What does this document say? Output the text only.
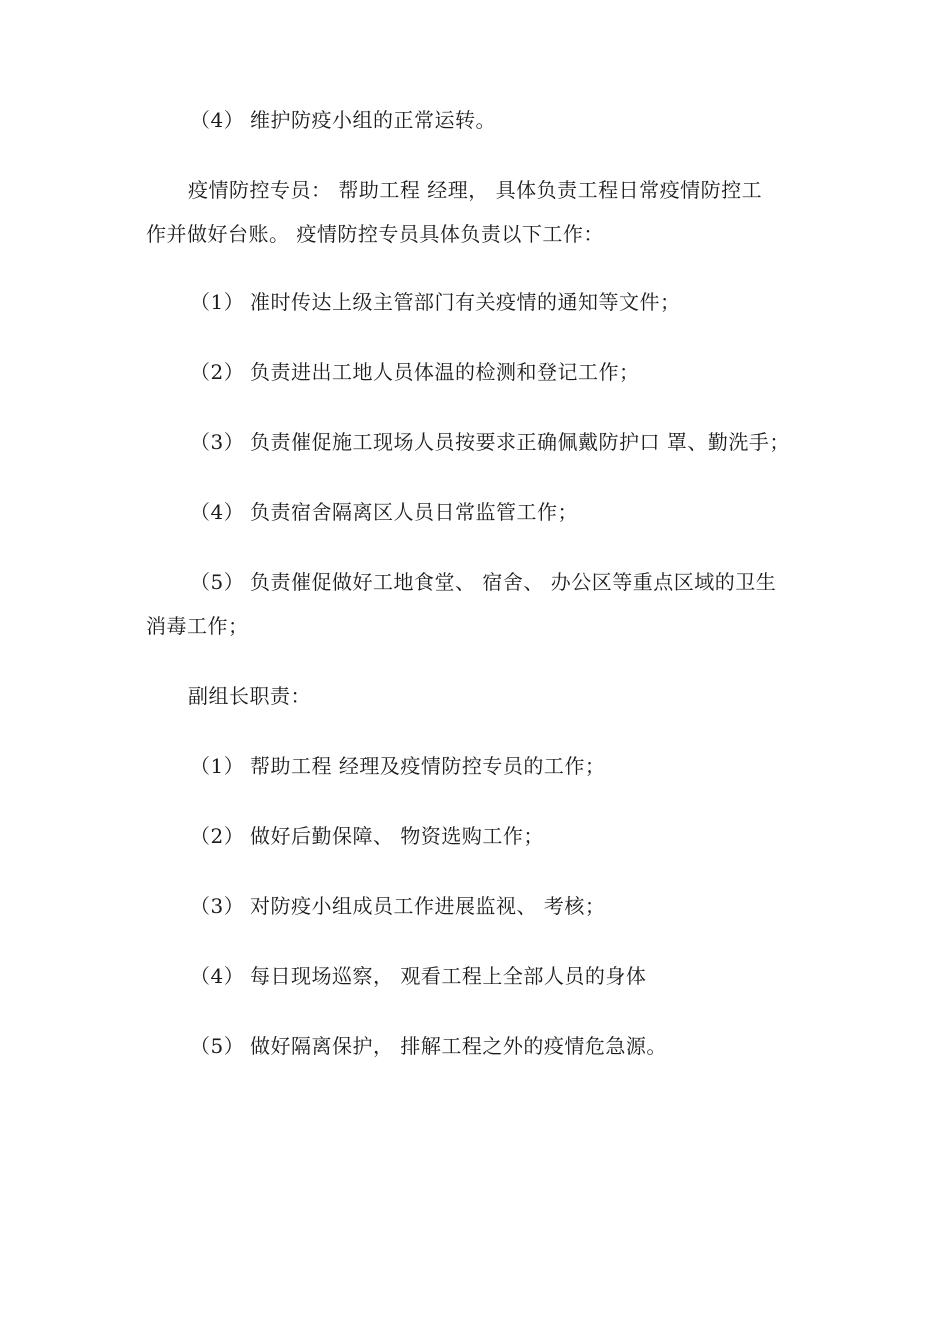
（4） 维护防疫小组的正常运转。
疫情防控专员： 帮助工程 经理， 具体负责工程日常疫情防控工
作并做好台账。 疫情防控专员具体负责以下工作：
（1） 准时传达上级主管部门有关疫情的通知等文件；
（2） 负责进出工地人员体温的检测和登记工作；
（3） 负责催促施工现场人员按要求正确佩戴防护口 罩、勤洗手；
（4） 负责宿舍隔离区人员日常监管工作；
（5） 负责催促做好工地食堂、 宿舍、 办公区等重点区域的卫生
消毒工作；
副组长职责：
（1） 帮助工程 经理及疫情防控专员的工作；
（2） 做好后勤保障、 物资选购工作；
（3） 对防疫小组成员工作进展监视、 考核；
（4） 每日现场巡察， 观看工程上全部人员的身体
（5） 做好隔离保护， 排解工程之外的疫情危急源。
